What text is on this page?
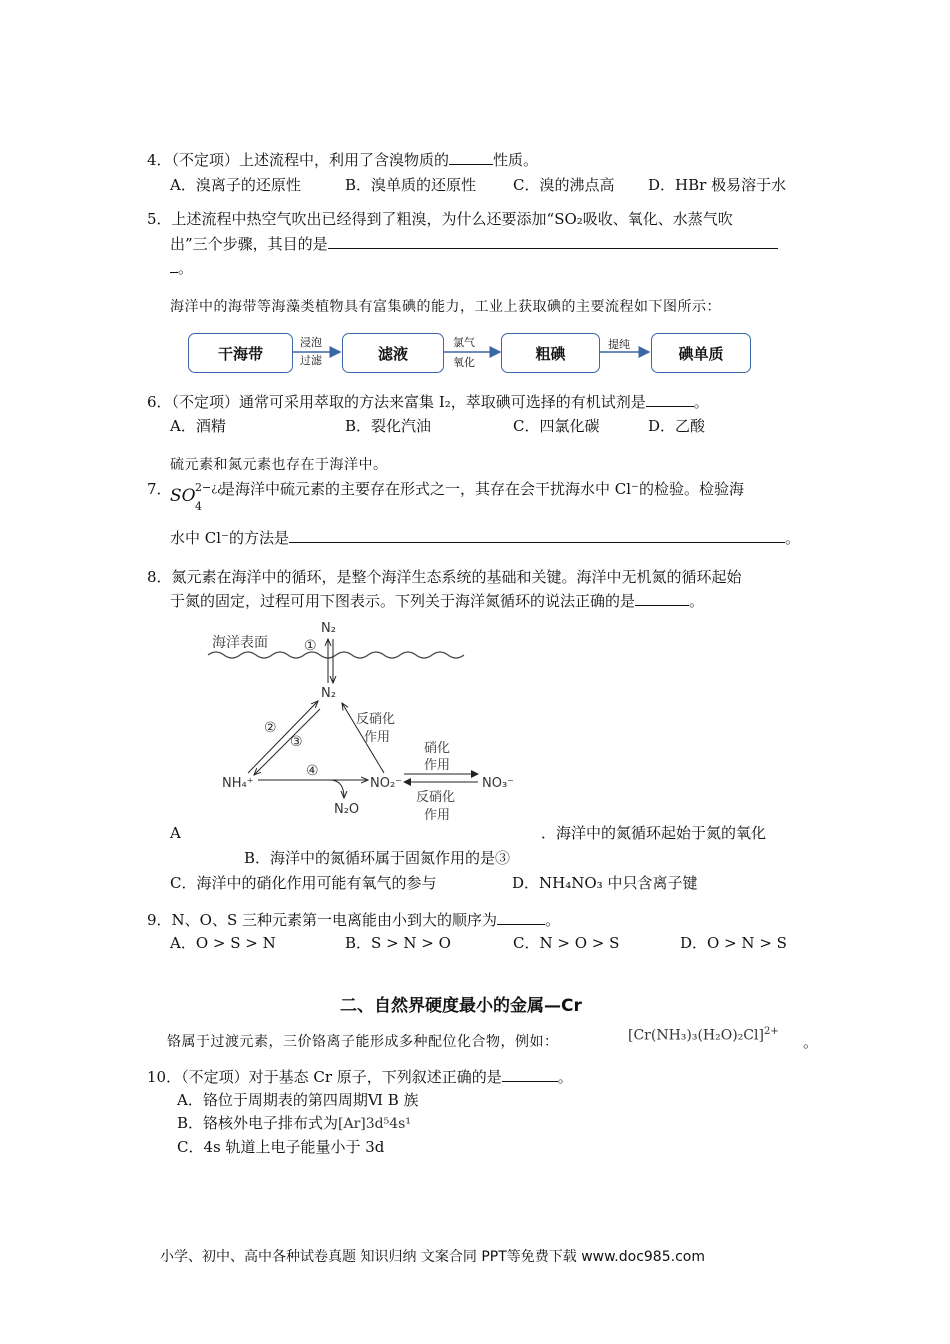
4．（不定项）上述流程中，利用了含溴物质的	性质。
A．溴离子的还原性	B．溴单质的还原性 C．溴的沸点高 D．HBr 极易溶于水
5．上述流程中热空气吹出已经得到了粗溴，为什么还要添加“SO₂吸收、氧化、水蒸气吹
出”三个步骤，其目的是
。
海洋中的海带等海藻类植物具有富集碘的能力，工业上获取碘的主要流程如下图所示：
干海带	滤液	粗碘	碘单质
浸泡
过滤
氯气
氧化
提纯
6．（不定项）通常可采用萃取的方法来富集 I₂，萃取碘可选择的有机试剂是	。
A．酒精	B．裂化汽油	C．四氯化碳	D．乙酸
硫元素和氮元素也存在于海洋中。
7．
SO 2−¿¿
4
是海洋中硫元素的主要存在形式之一，其存在会干扰海水中 Cl⁻的检验。检验海
水中 Cl⁻的方法是	。
8．氮元素在海洋中的循环，是整个海洋生态系统的基础和关键。海洋中无机氮的循环起始
于氮的固定，过程可用下图表示。下列关于海洋氮循环的说法正确的是	。
海洋表面
N₂
①
N₂
②
③
反硝化
作用
NH₄⁺
④
N₂O
NO₂⁻
硝化
作用
反硝化
作用
NO₃⁻
A	．海洋中的氮循环起始于氮的氧化
B．海洋中的氮循环属于固氮作用的是③
C．海洋中的硝化作用可能有氧气的参与	D．NH₄NO₃ 中只含离子键
9．N、O、S 三种元素第一电离能由小到大的顺序为	。
A．O > S > N	B．S > N > O	C．N > O > S	D．O > N > S
二、自然界硬度最小的金属—Cr
铬属于过渡元素，三价铬离子能形成多种配位化合物，例如：	$[Cr(NH_3)_3(H_2O)_2Cl]^{2+}$
。
10．（不定项）对于基态 Cr 原子，下列叙述正确的是	。
A．铬位于周期表的第四周期Ⅵ B 族
B．铬核外电子排布式为[Ar]3d⁵4s¹
C．4s 轨道上电子能量小于 3d
小学、初中、高中各种试卷真题 知识归纳 文案合同 PPT等免费下载 www.doc985.com
